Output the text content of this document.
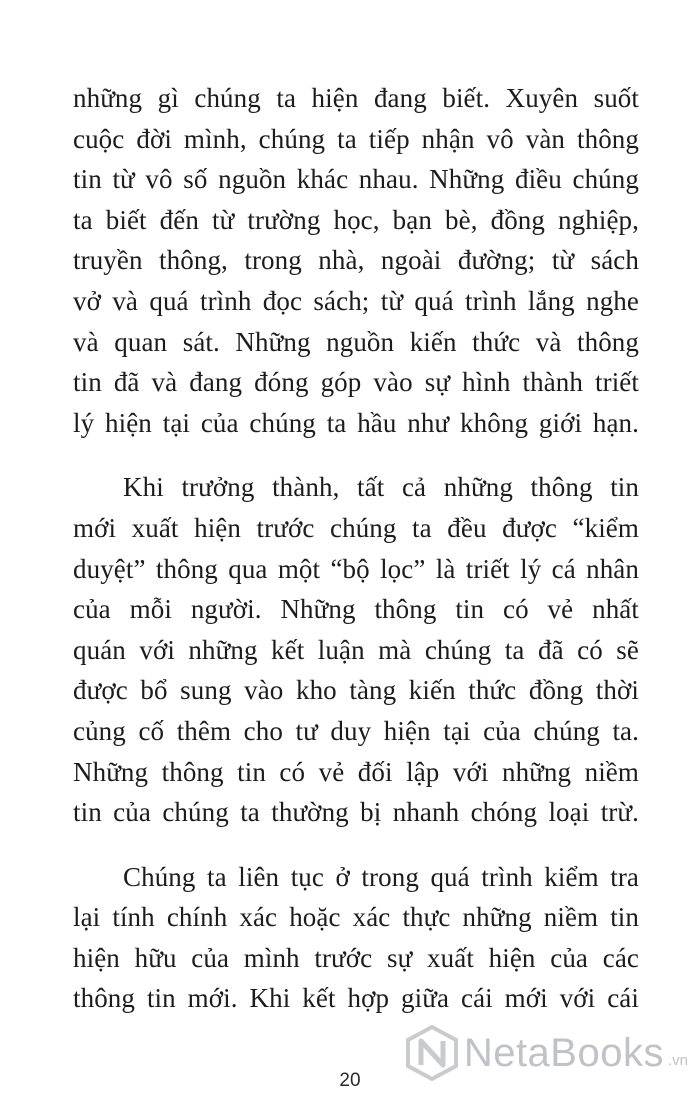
những gì chúng ta hiện đang biết. Xuyên suốt
cuộc đời mình, chúng ta tiếp nhận vô vàn thông
tin từ vô số nguồn khác nhau. Những điều chúng
ta biết đến từ trường học, bạn bè, đồng nghiệp,
truyền thông, trong nhà, ngoài đường; từ sách
vở và quá trình đọc sách; từ quá trình lắng nghe
và quan sát. Những nguồn kiến thức và thông
tin đã và đang đóng góp vào sự hình thành triết
lý hiện tại của chúng ta hầu như không giới hạn.

Khi trưởng thành, tất cả những thông tin
mới xuất hiện trước chúng ta đều được “kiểm
duyệt” thông qua một “bộ lọc” là triết lý cá nhân
của mỗi người. Những thông tin có vẻ nhất
quán với những kết luận mà chúng ta đã có sẽ
được bổ sung vào kho tàng kiến thức đồng thời
củng cố thêm cho tư duy hiện tại của chúng ta.
Những thông tin có vẻ đối lập với những niềm
tin của chúng ta thường bị nhanh chóng loại trừ.

Chúng ta liên tục ở trong quá trình kiểm tra
lại tính chính xác hoặc xác thực những niềm tin
hiện hữu của mình trước sự xuất hiện của các
thông tin mới. Khi kết hợp giữa cái mới với cái

NetaBooks .vn
20
